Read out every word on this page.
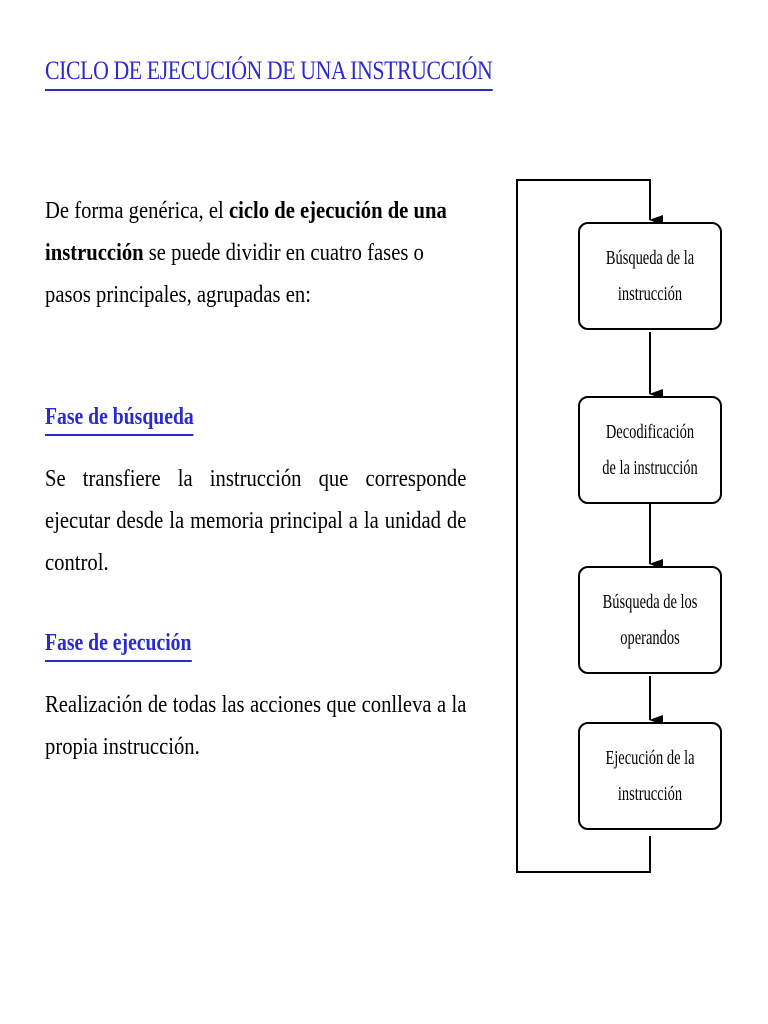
CICLO DE EJECUCIÓN DE UNA INSTRUCCIÓN

De forma genérica, el ciclo de ejecución de una instrucción se puede dividir en cuatro fases o pasos principales, agrupadas en:

Fase de búsqueda

Se transfiere la instrucción que corresponde ejecutar desde la memoria principal a la unidad de control.

Fase de ejecución

Realización de todas las acciones que conlleva a la propia instrucción.

Búsqueda de la
instrucción
Decodificación
de la instrucción
Búsqueda de los
operandos
Ejecución de la
instrucción
